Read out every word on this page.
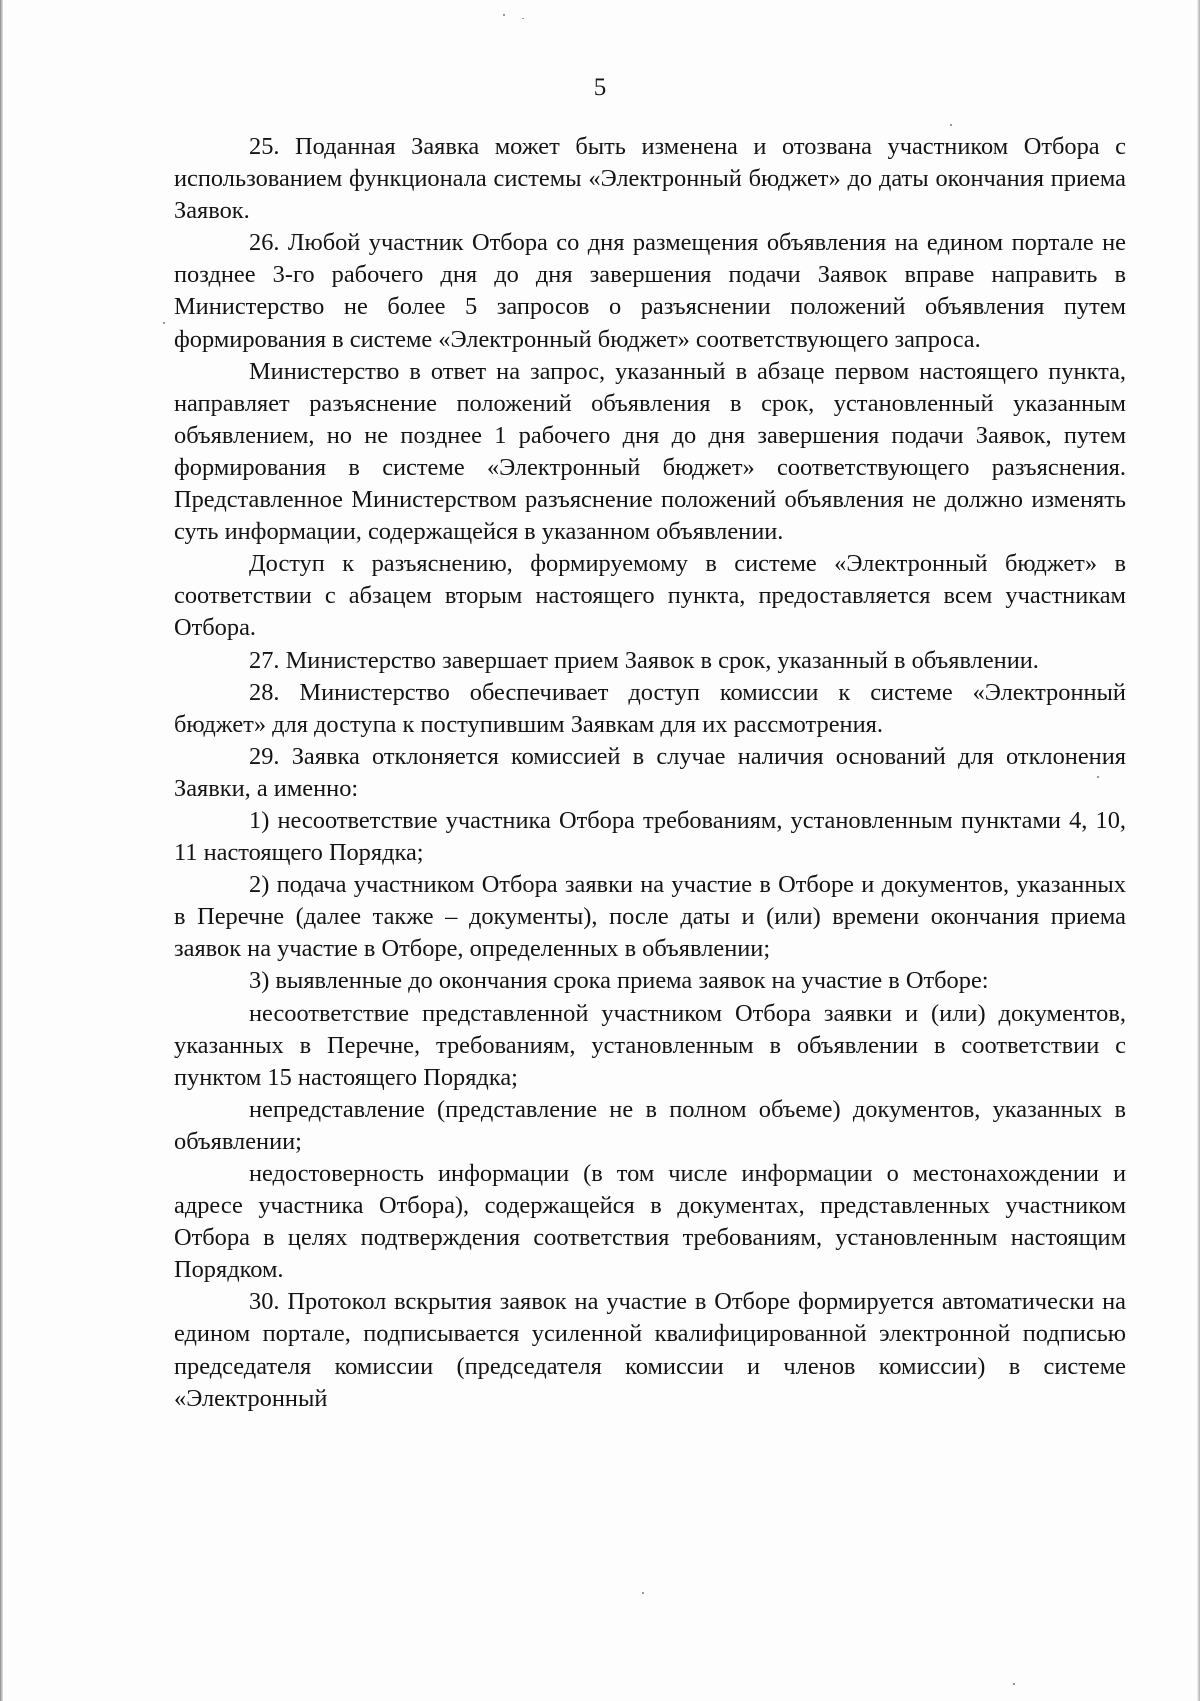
5

25. Поданная Заявка может быть изменена и отозвана участником Отбора с использованием функционала системы «Электронный бюджет» до даты окончания приема Заявок.

26. Любой участник Отбора со дня размещения объявления на едином портале не позднее 3-го рабочего дня до дня завершения подачи Заявок вправе направить в Министерство не более 5 запросов о разъяснении положений объявления путем формирования в системе «Электронный бюджет» соответствующего запроса.

Министерство в ответ на запрос, указанный в абзаце первом настоящего пункта, направляет разъяснение положений объявления в срок, установленный указанным объявлением, но не позднее 1 рабочего дня до дня завершения подачи Заявок, путем формирования в системе «Электронный бюджет» соответствующего разъяснения. Представленное Министерством разъяснение положений объявления не должно изменять суть информации, содержащейся в указанном объявлении.

Доступ к разъяснению, формируемому в системе «Электронный бюджет» в соответствии с абзацем вторым настоящего пункта, предоставляется всем участникам Отбора.

27. Министерство завершает прием Заявок в срок, указанный в объявлении.

28. Министерство обеспечивает доступ комиссии к системе «Электронный бюджет» для доступа к поступившим Заявкам для их рассмотрения.

29. Заявка отклоняется комиссией в случае наличия оснований для отклонения Заявки, а именно:

1) несоответствие участника Отбора требованиям, установленным пунктами 4, 10, 11 настоящего Порядка;

2) подача участником Отбора заявки на участие в Отборе и документов, указанных в Перечне (далее также – документы), после даты и (или) времени окончания приема заявок на участие в Отборе, определенных в объявлении;

3) выявленные до окончания срока приема заявок на участие в Отборе:

несоответствие представленной участником Отбора заявки и (или) документов, указанных в Перечне, требованиям, установленным в объявлении в соответствии с пунктом 15 настоящего Порядка;

непредставление (представление не в полном объеме) документов, указанных в объявлении;

недостоверность информации (в том числе информации о местонахождении и адресе участника Отбора), содержащейся в документах, представленных участником Отбора в целях подтверждения соответствия требованиям, установленным настоящим Порядком.

30. Протокол вскрытия заявок на участие в Отборе формируется автоматически на едином портале, подписывается усиленной квалифицированной электронной подписью председателя комиссии (председателя комиссии и членов комиссии) в системе «Электронный
